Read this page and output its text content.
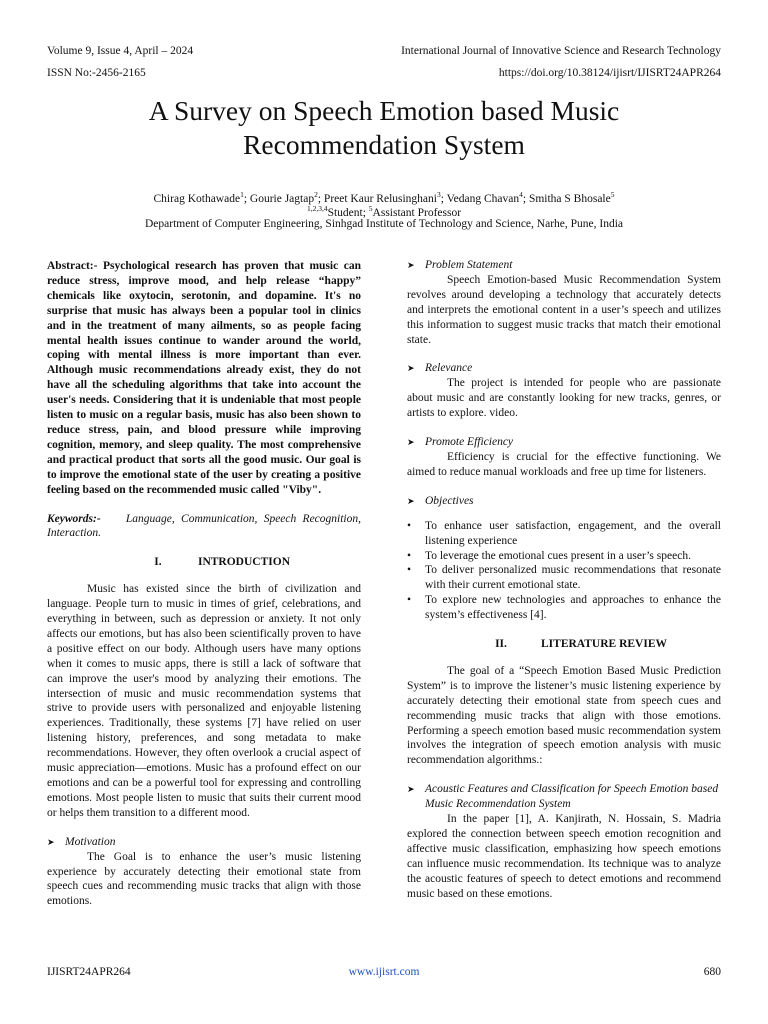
Volume 9, Issue 4, April – 2024	International Journal of Innovative Science and Research Technology
ISSN No:-2456-2165	https://doi.org/10.38124/ijisrt/IJISRT24APR264
A Survey on Speech Emotion based Music Recommendation System
Chirag Kothawade$^1$; Gourie Jagtap$^2$; Preet Kaur Relusinghani$^3$; Vedang Chavan$^4$; Smitha S Bhosale$^5$
$^{1,2,3,4}$Student; $^5$Assistant Professor
Department of Computer Engineering, Sinhgad Institute of Technology and Science, Narhe, Pune, India

Abstract:- Psychological research has proven that music can reduce stress, improve mood, and help release “happy” chemicals like oxytocin, serotonin, and dopamine. It's no surprise that music has always been a popular tool in clinics and in the treatment of many ailments, so as people facing mental health issues continue to wander around the world, coping with mental illness is more important than ever. Although music recommendations already exist, they do not have all the scheduling algorithms that take into account the user's needs. Considering that it is undeniable that most people listen to music on a regular basis, music has also been shown to reduce stress, pain, and blood pressure while improving cognition, memory, and sleep quality. The most comprehensive and practical product that sorts all the good music. Our goal is to improve the emotional state of the user by creating a positive feeling based on the recommended music called "Viby".

Keywords:- Language, Communication, Speech Recognition, Interaction.

I.	INTRODUCTION

Music has existed since the birth of civilization and language. People turn to music in times of grief, celebrations, and everything in between, such as depression or anxiety. It not only affects our emotions, but has also been scientifically proven to have a positive effect on our body. Although users have many options when it comes to music apps, there is still a lack of software that can improve the user's mood by analyzing their emotions. The intersection of music and music recommendation systems that strive to provide users with personalized and enjoyable listening experiences. Traditionally, these systems [7] have relied on user listening history, preferences, and song metadata to make recommendations. However, they often overlook a crucial aspect of music appreciation—emotions. Music has a profound effect on our emotions and can be a powerful tool for expressing and controlling emotions. Most people listen to music that suits their current mood or helps them transition to a different mood.

➤ Motivation

The Goal is to enhance the user’s music listening experience by accurately detecting their emotional state from speech cues and recommending music tracks that align with those emotions.

➤ Problem Statement

Speech Emotion-based Music Recommendation System revolves around developing a technology that accurately detects and interprets the emotional content in a user’s speech and utilizes this information to suggest music tracks that match their emotional state.

➤ Relevance

The project is intended for people who are passionate about music and are constantly looking for new tracks, genres, or artists to explore. video.

➤ Promote Efficiency

Efficiency is crucial for the effective functioning. We aimed to reduce manual workloads and free up time for listeners.

➤ Objectives
• To enhance user satisfaction, engagement, and the overall listening experience
• To leverage the emotional cues present in a user’s speech.
• To deliver personalized music recommendations that resonate with their current emotional state.
• To explore new technologies and approaches to enhance the system’s effectiveness [4].
II.	LITERATURE REVIEW

The goal of a “Speech Emotion Based Music Prediction System” is to improve the listener’s music listening experience by accurately detecting their emotional state from speech cues and recommending music tracks that align with those emotions. Performing a speech emotion based music recommendation system involves the integration of speech emotion analysis with music recommendation algorithms.:

➤ Acoustic Features and Classification for Speech Emotion based Music Recommendation System

In the paper [1], A. Kanjirath, N. Hossain, S. Madria explored the connection between speech emotion recognition and affective music classification, emphasizing how speech emotions can influence music recommendation. Its technique was to analyze the acoustic features of speech to detect emotions and recommend music based on these emotions.

IJISRT24APR264	www.ijisrt.com	680
